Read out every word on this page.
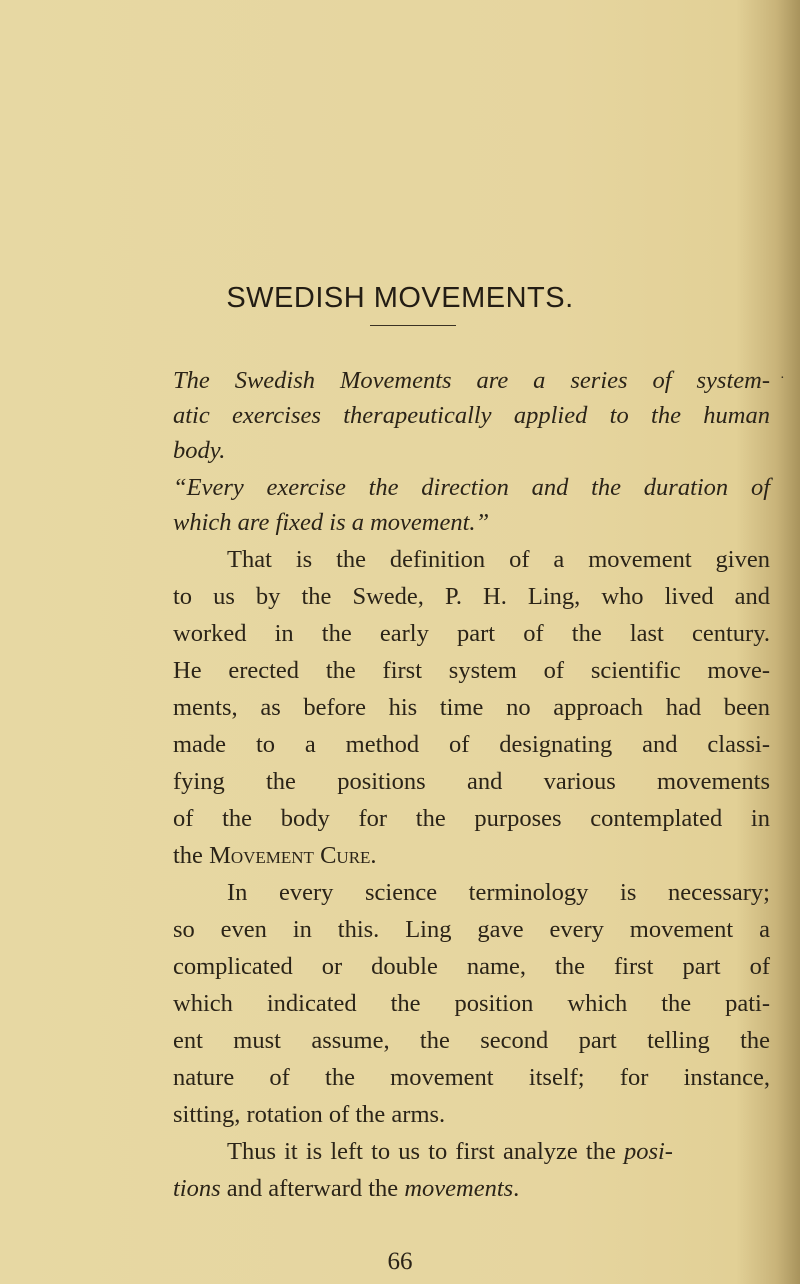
SWEDISH MOVEMENTS.
·
The Swedish Movements are a series of system-
atic exercises therapeutically applied to the human
body.
“Every exercise the direction and the duration of
which are fixed is a movement.”
That is the definition of a movement given
to us by the Swede, P. H. Ling, who lived and
worked in the early part of the last century.
He erected the first system of scientific move-
ments, as before his time no approach had been
made to a method of designating and classi-
fying the positions and various movements
of the body for the purposes contemplated in
the Movement Cure.
In every science terminology is necessary;
so even in this. Ling gave every movement a
complicated or double name, the first part of
which indicated the position which the pati-
ent must assume, the second part telling the
nature of the movement itself; for instance,
sitting, rotation of the arms.
Thus it is left to us to first analyze the posi-
tions and afterward the movements.
66
